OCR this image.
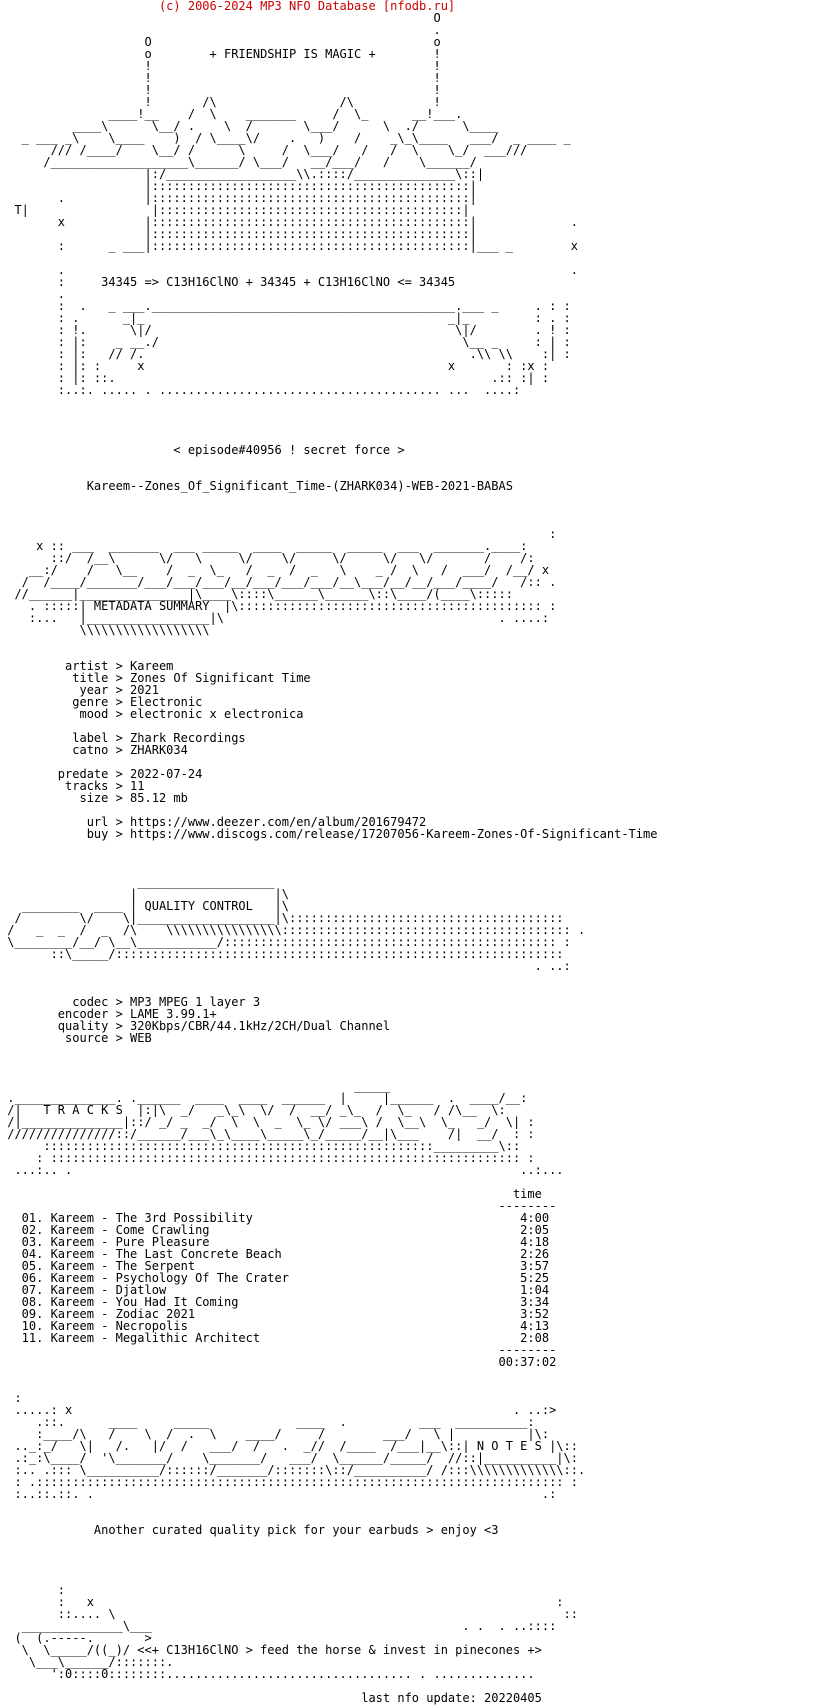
(c) 2006-2024 MP3 NFO Database [nfodb.ru]
O
.
O                                       o
o        + FRIENDSHIP IS MAGIC +        !
!                                       !
!                                       !
!                                       !
!       /\                 /\           !
____!__    /  \    _______     /  \_      __!___.
____\      \__/ .    \  /       \___/      \  ./      \____
_ ___ _\    \____    )  / \____\/    .   )    /    _\_\____   ___/  _ ____ _
/// /____/    \__/ /      \     /  \___/   /   /  \    \_/  ___///
/___________________\______/ \___/   __/___/   /    \______/
|:/__________________\\.::::/______________\::|
|::::::::::::::::::::::::::::::::::::::::::::|
.           |::::::::::::::::::::::::::::::::::::::::::::|
T|                 |::::::::::::::::::::::::::::::::::::::::::|
x           |::::::::::::::::::::::::::::::::::::::::::::|             .
|::::::::::::::::::::::::::::::::::::::::::::|
:      _ ___|::::::::::::::::::::::::::::::::::::::::::::|___ _        x
.                                                                      .
:     34345 => C13H16ClNO + 34345 + C13H16ClNO <= 34345
.
:  .   _ ___.__________________________________________.___ _     . : :
: .      _|_                                          _|_         : . :
: !.      \|/                                          \|/        . ! :
: |:    _ __./                                          \__ _     : | :
: |:   // /.                                             .\\ \\    :| :
: |: :     x                                          x       : :x :
: |: ::.                                                    .:: :| :
:..:. ..... . ....................................... ...  ....:
< episode#40956 ! secret force >
Kareem--Zones_Of_Significant_Time-(ZHARK034)-WEB-2021-BABAS
:
x :: ___  _______  ___ _____  ____  _____  _____  ___  _______.____:
::/  /__\      \/   \     \/    \/     \/     \/   \/       /    /:
__:/    /   \__    /  _  \_   /  _  /  _   \    _ /  \   /  ___/  /__/ x
/  /____/_______/___/___/___/__/___/___/___/__\___/__/__/___/____/   /:: .
//______|_______________|\____\::::\______\______\::\____/(____\:::::
. :::::| METADATA SUMMARY  |\:::::::::::::::::::::::::::::::::::::::::: :
:...   |_________________|\                                      . ....:
\\\\\\\\\\\\\\\\\\
artist > Kareem
title > Zones Of Significant Time
year > 2021
genre > Electronic
mood > electronic x electronica
label > Zhark Recordings
catno > ZHARK034
predate > 2022-07-24
tracks > 11
size > 85.12 mb
url > https://www.deezer.com/en/album/201679472
buy > https://www.discogs.com/release/17207056-Kareem-Zones-Of-Significant-Time
___________________
|                   |\
________  ____ | QUALITY CONTROL   |\
/        \/    \|___________________|\::::::::::::::::::::::::::::::::::::::
/   _  _  /  _  /\    \\\\\\\\\\\\\\\\:::::::::::::::::::::::::::::::::::::::: .
\________/__/ \__\___________/:::::::::::::::::::::::::::::::::::::::::::::: :
::\_____/::::::::::::::::::::::::::::::::::::::::::::::::::::::::::::::
. ..:
codec > MP3 MPEG 1 layer 3
encoder > LAME 3.99.1+
quality > 320Kbps/CBR/44.1kHz/2CH/Dual Channel
source > WEB
_____
.______________. .______  ____  ____  ______  |     |______  .  ____/__:
/|   T R A C K S  |:|\  _/   _\_\  \/  /  __/ _\_  /  \_   / /\__  \:
/|______________|::/ _/ _  _/  \  \  _  \_ \/ ___\ /  \__\  \_   _/  \| :
///////////////::/______/___\_\____\_____\_/_____/__|\___    /|  __/  : :
::::::::::::::::::::::::::::::::::::::::::::::::::::::_________\::
: ::::::::::::::::::::::::::::::::::::::::::::::::::::::::::::::::: :
...:.. .                                                              ..:...
time
--------
01. Kareem - The 3rd Possibility                                     4:00
02. Kareem - Come Crawling                                           2:05
03. Kareem - Pure Pleasure                                           4:18
04. Kareem - The Last Concrete Beach                                 2:26
05. Kareem - The Serpent                                             3:57
06. Kareem - Psychology Of The Crater                                5:25
07. Kareem - Djatlow                                                 1:04
08. Kareem - You Had It Coming                                       3:34
09. Kareem - Zodiac 2021                                             3:52
10. Kareem - Necropolis                                              4:13
11. Kareem - Megalithic Architect                                    2:08
--------
00:37:02
:
.....: x                                                             . ..:>
.::.      ____     _____            ____  .          ___  __________:
:____/\   /    \  /  .  \    ____/     /        ___/   \ |          |\:
.._:_/   \|   /.   |/  /   ___/  /   .  _//  /____  /___|__\::| N O T E S |\::
.:_:\____/  '\_______/    \_______/   ___/  \______/_____/  //::|__________|\:
:.. .::: \__________/::::::/_______/:::::::\::/__________/ /:::\\\\\\\\\\\\\::.
: .::::::::::::::::::::::::::::::::::::::::::::::::::::::::::::::::::::::::: :
:..::.::. .                                                              .:
Another curated quality pick for your earbuds > enjoy <3
:
:   x                                                                :
::.... \                                                              ::
______________\___                                           . .  . ..::::
(  (.-----.       >
\  \_____/((_)/ <<+ C13H16ClNO > feed the horse & invest in pinecones +>
\___\______/:::::::.
':0::::0::::::::.................................. . ..............
last nfo update: 20220405
